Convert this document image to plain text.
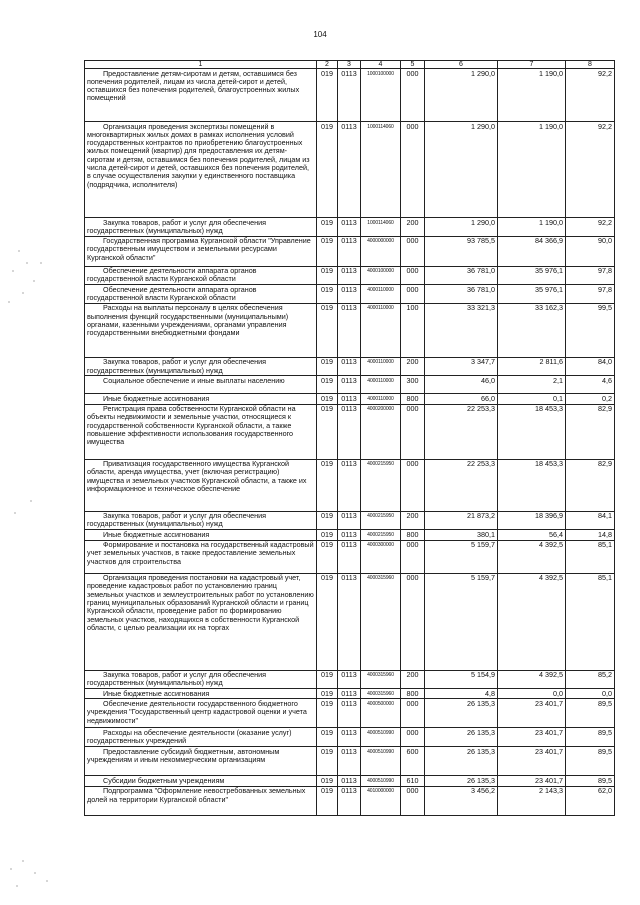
104
1	2	3	4	5	6	7	8
Предоставление детям-сиротам и детям, оставшимся без попечения родителей, лицам из числа детей-сирот и детей, оставшихся без попечения родителей, благоустроенных жилых помещений	019	0113	1000100000	000	1 290,0	1 190,0	92,2
Организация проведения экспертизы помещений в многоквартирных жилых домах в рамках исполнения условий государственных контрактов по приобретению благоустроенных жилых помещений (квартир) для предоставления их детям-сиротам и детям, оставшимся без попечения родителей, лицам из числа детей-сирот и детей, оставшихся без попечения родителей, в случае осуществления закупки у единственного поставщика (подрядчика, исполнителя)	019	0113	1000114060	000	1 290,0	1 190,0	92,2
Закупка товаров, работ и услуг для обеспечения государственных (муниципальных) нужд	019	0113	1000114060	200	1 290,0	1 190,0	92,2
Государственная программа Курганской области "Управление государственным имуществом и земельными ресурсами Курганской области"	019	0113	4000000000	000	93 785,5	84 366,9	90,0
Обеспечение деятельности аппарата органов государственной власти Курганской области	019	0113	4000100000	000	36 781,0	35 976,1	97,8
Обеспечение деятельности аппарата органов государственной власти Курганской области	019	0113	4000110000	000	36 781,0	35 976,1	97,8
Расходы на выплаты персоналу в целях обеспечения выполнения функций государственными (муниципальными) органами, казенными учреждениями, органами управления государственными внебюджетными фондами	019	0113	4000110000	100	33 321,3	33 162,3	99,5
Закупка товаров, работ и услуг для обеспечения государственных (муниципальных) нужд	019	0113	4000110000	200	3 347,7	2 811,6	84,0
Социальное обеспечение и иные выплаты населению	019	0113	4000110000	300	46,0	2,1	4,6
Иные бюджетные ассигнования	019	0113	4000110000	800	66,0	0,1	0,2
Регистрация права собственности Курганской области на объекты недвижимости и земельные участки, относящиеся к государственной собственности Курганской области, а также повышение эффективности использования государственного имущества	019	0113	4000200000	000	22 253,3	18 453,3	82,9
Приватизация государственного имущества Курганской области, аренда имущества, учет (включая регистрацию) имущества и земельных участков Курганской области, а также их информационное и техническое обеспечение	019	0113	4000215950	000	22 253,3	18 453,3	82,9
Закупка товаров, работ и услуг для обеспечения государственных (муниципальных) нужд	019	0113	4000215950	200	21 873,2	18 396,9	84,1
Иные бюджетные ассигнования	019	0113	4000215950	800	380,1	56,4	14,8
Формирование и постановка на государственный кадастровый учет земельных участков, в также предоставление земельных участков для строительства	019	0113	4000300000	000	5 159,7	4 392,5	85,1
Организация проведения постановки на кадастровый учет, проведение кадастровых работ по установлению границ земельных участков и землеустроительных работ по установлению границ муниципальных образований Курганской области и границ Курганской области, проведение работ по формированию земельных участков, находящихся в собственности Курганской области, с целью реализации их на торгах	019	0113	4000315960	000	5 159,7	4 392,5	85,1
Закупка товаров, работ и услуг для обеспечения государственных (муниципальных) нужд	019	0113	4000315960	200	5 154,9	4 392,5	85,2
Иные бюджетные ассигнования	019	0113	4000315960	800	4,8	0,0	0,0
Обеспечение деятельности государственного бюджетного учреждения "Государственный центр кадастровой оценки и учета недвижимости"	019	0113	4000500000	000	26 135,3	23 401,7	89,5
Расходы на обеспечение деятельности (оказание услуг) государственных учреждений	019	0113	4000510990	000	26 135,3	23 401,7	89,5
Предоставление субсидий бюджетным, автономным учреждениям и иным некоммерческим организациям	019	0113	4000510990	600	26 135,3	23 401,7	89,5
Субсидии бюджетным учреждениям	019	0113	4000510990	610	26 135,3	23 401,7	89,5
Подпрограмма "Оформление невостребованных земельных долей на территории Курганской области"	019	0113	4010000000	000	3 456,2	2 143,3	62,0
